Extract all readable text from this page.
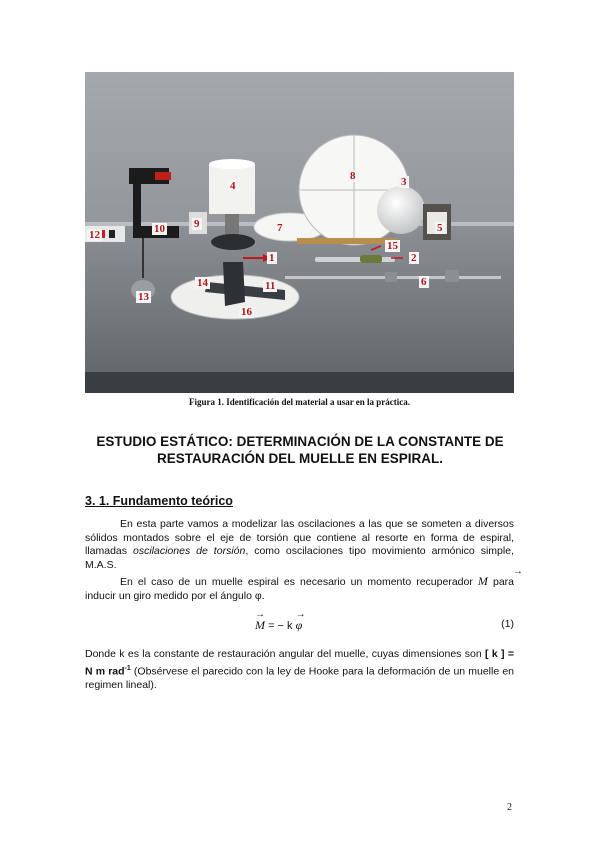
1	2
3
4
5
6
7
8
9
10
11
12
13
14
15
16
Figura 1. Identificación del material a usar en la práctica.
ESTUDIO ESTÁTICO: DETERMINACIÓN DE LA CONSTANTE DE
RESTAURACIÓN DEL MUELLE EN ESPIRAL.
3. 1. Fundamento teórico
En esta parte vamos a modelizar las oscilaciones a las que se someten a diversos sólidos montados sobre el eje de torsión que contiene al resorte en forma de espiral, llamadas oscilaciones de torsión, como oscilaciones tipo movimiento armónico simple, M.A.S.
En el caso de un muelle espiral es necesario un momento recuperador → M para inducir un giro medido por el ángulo φ.
→ M = − k → φ	(1)
Donde k es la constante de restauración angular del muelle, cuyas dimensiones son [ k ] = N m rad$^{-1}$ (Obsérvese el parecido con la ley de Hooke para la deformación de un muelle en regimen lineal).
2
